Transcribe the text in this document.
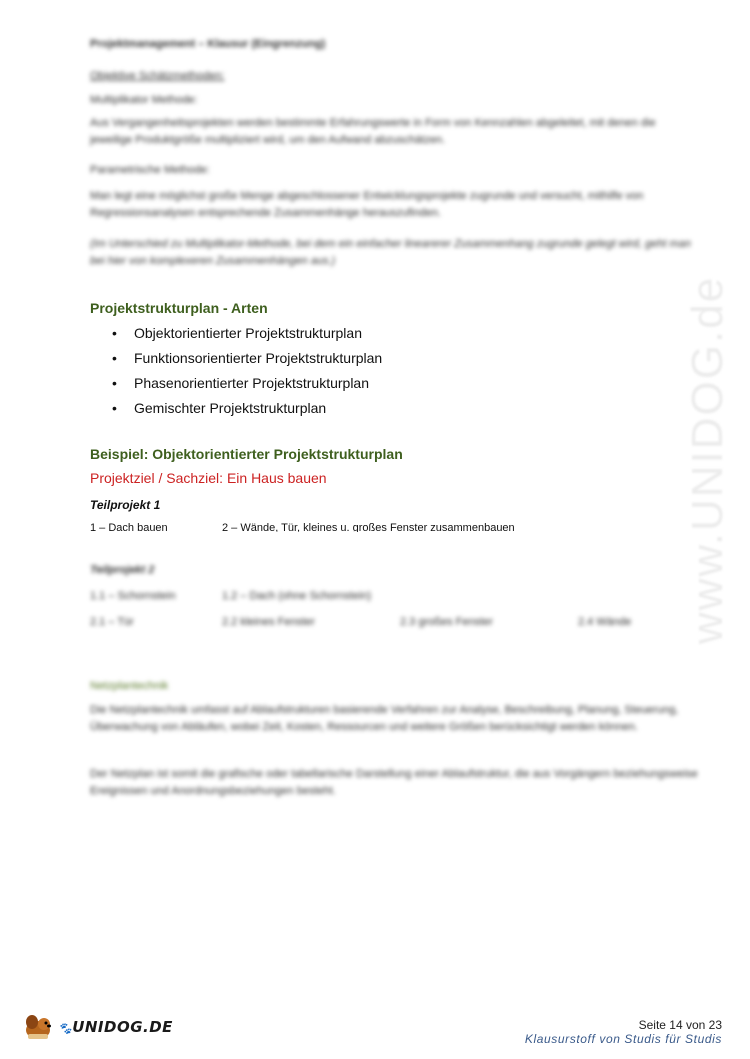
www.UNIDOG.de
Projektmanagement – Klausur (Eingrenzung)
Objektive Schätzmethoden:
Multiplikator Methode:
Aus Vergangenheitsprojekten werden bestimmte Erfahrungswerte in Form von Kennzahlen abgeleitet, mit denen die jeweilige Produktgröße multipliziert wird, um den Aufwand abzuschätzen.
Parametrische Methode:
Man legt eine möglichst große Menge abgeschlossener Entwicklungsprojekte zugrunde und versucht, mithilfe von Regressionsanalysen entsprechende Zusammenhänge herauszufinden.
(Im Unterschied zu Multiplikator-Methode, bei dem ein einfacher linearerer Zusammenhang zugrunde gelegt wird, geht man bei hier von komplexeren Zusammenhängen aus.)
Projektstrukturplan - Arten
•	Objektorientierter Projektstrukturplan
•	Funktionsorientierter Projektstrukturplan
•	Phasenorientierter Projektstrukturplan
•	Gemischter Projektstrukturplan
Beispiel: Objektorientierter Projektstrukturplan
Projektziel / Sachziel: Ein Haus bauen
Teilprojekt 1
1 – Dach bauen	2 – Wände, Tür, kleines u. großes Fenster zusammenbauen
Teilprojekt 2
1.1 – Schornstein	1.2 – Dach (ohne Schornstein)
2.1 – Tür	2.2 kleines Fenster	2.3 großes Fenster	2.4 Wände
Netzplantechnik
Die Netzplantechnik umfasst auf Ablaufstrukturen basierende Verfahren zur Analyse, Beschreibung, Planung, Steuerung, Überwachung von Abläufen, wobei Zeit, Kosten, Ressourcen und weitere Größen berücksichtigt werden können.
Der Netzplan ist somit die grafische oder tabellarische Darstellung einer Ablaufstruktur, die aus Vorgängern beziehungsweise Ereignissen und Anordnungsbeziehungen besteht.
🐾UNIDOG.DE	Seite 14 von 23
Klausurstoff von Studis für Studis
